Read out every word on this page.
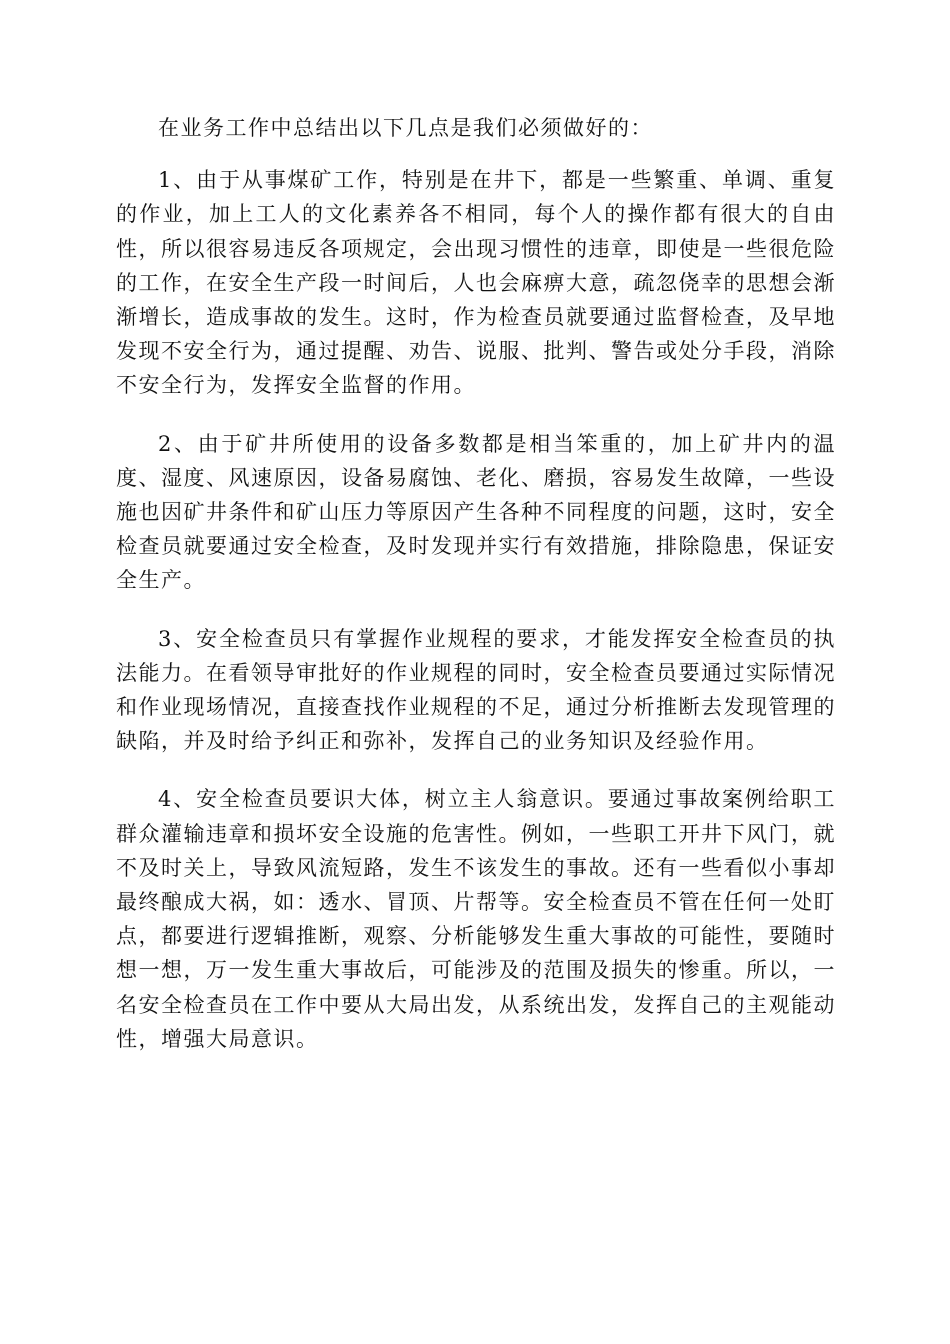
在业务工作中总结出以下几点是我们必须做好的：

1、由于从事煤矿工作，特别是在井下，都是一些繁重、单调、重复的作业，加上工人的文化素养各不相同，每个人的操作都有很大的自由性，所以很容易违反各项规定，会出现习惯性的违章，即使是一些很危险的工作，在安全生产段一时间后，人也会麻痹大意，疏忽侥幸的思想会渐渐增长，造成事故的发生。这时，作为检查员就要通过监督检查，及早地发现不安全行为，通过提醒、劝告、说服、批判、警告或处分手段，消除不安全行为，发挥安全监督的作用。

2、由于矿井所使用的设备多数都是相当笨重的，加上矿井内的温度、湿度、风速原因，设备易腐蚀、老化、磨损，容易发生故障，一些设施也因矿井条件和矿山压力等原因产生各种不同程度的问题，这时，安全检查员就要通过安全检查，及时发现并实行有效措施，排除隐患，保证安全生产。

3、安全检查员只有掌握作业规程的要求，才能发挥安全检查员的执法能力。在看领导审批好的作业规程的同时，安全检查员要通过实际情况和作业现场情况，直接查找作业规程的不足，通过分析推断去发现管理的缺陷，并及时给予纠正和弥补，发挥自己的业务知识及经验作用。

4、安全检查员要识大体，树立主人翁意识。要通过事故案例给职工群众灌输违章和损坏安全设施的危害性。例如，一些职工开井下风门，就不及时关上，导致风流短路，发生不该发生的事故。还有一些看似小事却最终酿成大祸，如：透水、冒顶、片帮等。安全检查员不管在任何一处盯点，都要进行逻辑推断，观察、分析能够发生重大事故的可能性，要随时想一想，万一发生重大事故后，可能涉及的范围及损失的惨重。所以，一名安全检查员在工作中要从大局出发，从系统出发，发挥自己的主观能动性，增强大局意识。
